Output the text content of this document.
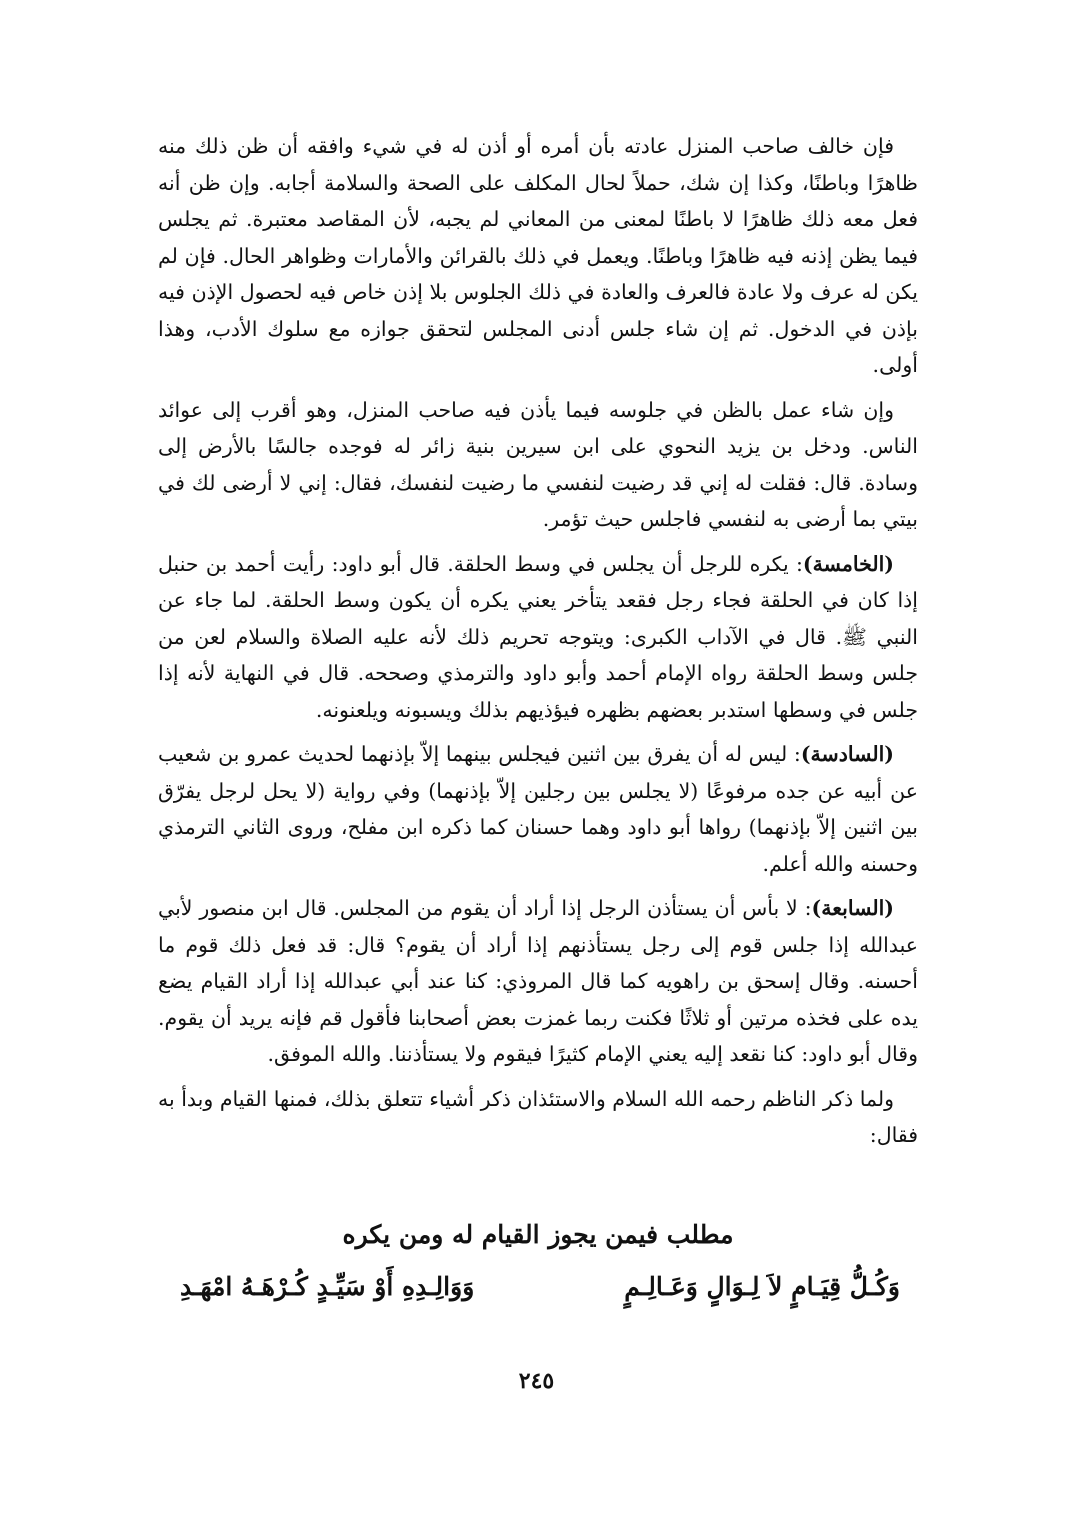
فإن خالف صاحب المنزل عادته بأن أمره أو أذن له في شيء وافقه أن ظن ذلك منه ظاهرًا وباطنًا، وكذا إن شك، حملاً لحال المكلف على الصحة والسلامة أجابه. وإن ظن أنه فعل معه ذلك ظاهرًا لا باطنًا لمعنى من المعاني لم يجبه، لأن المقاصد معتبرة. ثم يجلس فيما يظن إذنه فيه ظاهرًا وباطنًا. ويعمل في ذلك بالقرائن والأمارات وظواهر الحال. فإن لم يكن له عرف ولا عادة فالعرف والعادة في ذلك الجلوس بلا إذن خاص فيه لحصول الإذن فيه بإذن في الدخول. ثم إن شاء جلس أدنى المجلس لتحقق جوازه مع سلوك الأدب، وهذا أولى.

وإن شاء عمل بالظن في جلوسه فيما يأذن فيه صاحب المنزل، وهو أقرب إلى عوائد الناس. ودخل بن يزيد النحوي على ابن سيرين بنية زائر له فوجده جالسًا بالأرض إلى وسادة. قال: فقلت له إني قد رضيت لنفسي ما رضيت لنفسك، فقال: إني لا أرضى لك في بيتي بما أرضى به لنفسي فاجلس حيث تؤمر.

(الخامسة): يكره للرجل أن يجلس في وسط الحلقة. قال أبو داود: رأيت أحمد بن حنبل إذا كان في الحلقة فجاء رجل فقعد يتأخر يعني يكره أن يكون وسط الحلقة. لما جاء عن النبي ﷺ. قال في الآداب الكبرى: ويتوجه تحريم ذلك لأنه عليه الصلاة والسلام لعن من جلس وسط الحلقة رواه الإمام أحمد وأبو داود والترمذي وصححه. قال في النهاية لأنه إذا جلس في وسطها استدبر بعضهم بظهره فيؤذيهم بذلك ويسبونه ويلعنونه.

(السادسة): ليس له أن يفرق بين اثنين فيجلس بينهما إلاّ بإذنهما لحديث عمرو بن شعيب عن أبيه عن جده مرفوعًا (لا يجلس بين رجلين إلاّ بإذنهما) وفي رواية (لا يحل لرجل يفرّق بين اثنين إلاّ بإذنهما) رواها أبو داود وهما حسنان كما ذكره ابن مفلح، وروى الثاني الترمذي وحسنه والله أعلم.

(السابعة): لا بأس أن يستأذن الرجل إذا أراد أن يقوم من المجلس. قال ابن منصور لأبي عبدالله إذا جلس قوم إلى رجل يستأذنهم إذا أراد أن يقوم؟ قال: قد فعل ذلك قوم ما أحسنه. وقال إسحق بن راهويه كما قال المروذي: كنا عند أبي عبدالله إذا أراد القيام يضع يده على فخذه مرتين أو ثلاثًا فكنت ربما غمزت بعض أصحابنا فأقول قم فإنه يريد أن يقوم. وقال أبو داود: كنا نقعد إليه يعني الإمام كثيرًا فيقوم ولا يستأذننا. والله الموفق.

ولما ذكر الناظم رحمه الله السلام والاستئذان ذكر أشياء تتعلق بذلك، فمنها القيام وبدأ به فقال:

مطلب فيمن يجوز القيام له ومن يكره
وَكُـلُّ قِيَـامٍ لاَ لِـوَالٍ وَعَـالِـمٍ
وَوَالِـدِهِ أَوْ سَيِّـدٍ كُـرْهَـهُ امْهَـدِ
٢٤٥
